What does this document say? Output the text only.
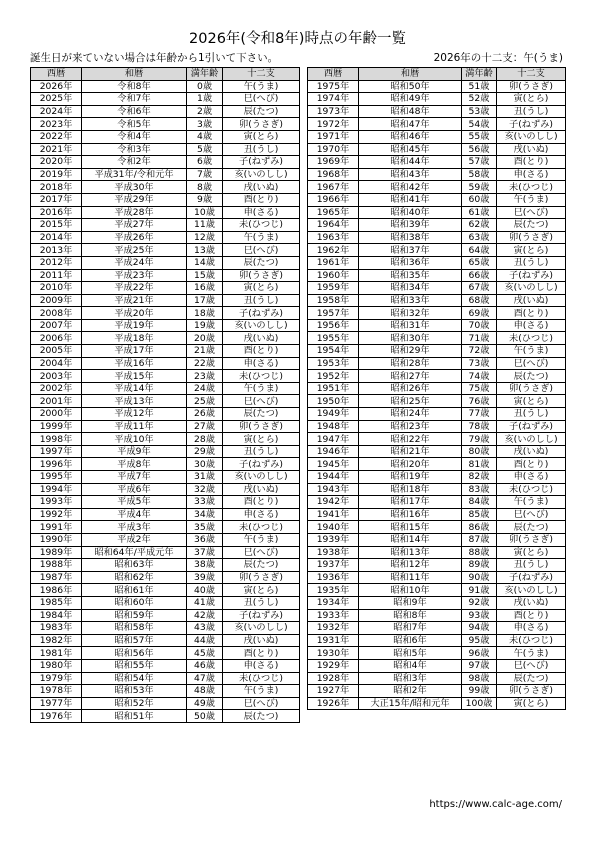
2026年(令和8年)時点の年齢一覧
誕生日が来ていない場合は年齢から1引いて下さい。	2026年の十二支：午(うま)
西暦	和暦	満年齢	十二支
2026年	令和8年	0歳	午(うま)
2025年	令和7年	1歳	巳(へび)
2024年	令和6年	2歳	辰(たつ)
2023年	令和5年	3歳	卯(うさぎ)
2022年	令和4年	4歳	寅(とら)
2021年	令和3年	5歳	丑(うし)
2020年	令和2年	6歳	子(ねずみ)
2019年	平成31年/令和元年	7歳	亥(いのしし)
2018年	平成30年	8歳	戌(いぬ)
2017年	平成29年	9歳	酉(とり)
2016年	平成28年	10歳	申(さる)
2015年	平成27年	11歳	未(ひつじ)
2014年	平成26年	12歳	午(うま)
2013年	平成25年	13歳	巳(へび)
2012年	平成24年	14歳	辰(たつ)
2011年	平成23年	15歳	卯(うさぎ)
2010年	平成22年	16歳	寅(とら)
2009年	平成21年	17歳	丑(うし)
2008年	平成20年	18歳	子(ねずみ)
2007年	平成19年	19歳	亥(いのしし)
2006年	平成18年	20歳	戌(いぬ)
2005年	平成17年	21歳	酉(とり)
2004年	平成16年	22歳	申(さる)
2003年	平成15年	23歳	未(ひつじ)
2002年	平成14年	24歳	午(うま)
2001年	平成13年	25歳	巳(へび)
2000年	平成12年	26歳	辰(たつ)
1999年	平成11年	27歳	卯(うさぎ)
1998年	平成10年	28歳	寅(とら)
1997年	平成9年	29歳	丑(うし)
1996年	平成8年	30歳	子(ねずみ)
1995年	平成7年	31歳	亥(いのしし)
1994年	平成6年	32歳	戌(いぬ)
1993年	平成5年	33歳	酉(とり)
1992年	平成4年	34歳	申(さる)
1991年	平成3年	35歳	未(ひつじ)
1990年	平成2年	36歳	午(うま)
1989年	昭和64年/平成元年	37歳	巳(へび)
1988年	昭和63年	38歳	辰(たつ)
1987年	昭和62年	39歳	卯(うさぎ)
1986年	昭和61年	40歳	寅(とら)
1985年	昭和60年	41歳	丑(うし)
1984年	昭和59年	42歳	子(ねずみ)
1983年	昭和58年	43歳	亥(いのしし)
1982年	昭和57年	44歳	戌(いぬ)
1981年	昭和56年	45歳	酉(とり)
1980年	昭和55年	46歳	申(さる)
1979年	昭和54年	47歳	未(ひつじ)
1978年	昭和53年	48歳	午(うま)
1977年	昭和52年	49歳	巳(へび)
1976年	昭和51年	50歳	辰(たつ)
西暦	和暦	満年齢	十二支
1975年	昭和50年	51歳	卯(うさぎ)
1974年	昭和49年	52歳	寅(とら)
1973年	昭和48年	53歳	丑(うし)
1972年	昭和47年	54歳	子(ねずみ)
1971年	昭和46年	55歳	亥(いのしし)
1970年	昭和45年	56歳	戌(いぬ)
1969年	昭和44年	57歳	酉(とり)
1968年	昭和43年	58歳	申(さる)
1967年	昭和42年	59歳	未(ひつじ)
1966年	昭和41年	60歳	午(うま)
1965年	昭和40年	61歳	巳(へび)
1964年	昭和39年	62歳	辰(たつ)
1963年	昭和38年	63歳	卯(うさぎ)
1962年	昭和37年	64歳	寅(とら)
1961年	昭和36年	65歳	丑(うし)
1960年	昭和35年	66歳	子(ねずみ)
1959年	昭和34年	67歳	亥(いのしし)
1958年	昭和33年	68歳	戌(いぬ)
1957年	昭和32年	69歳	酉(とり)
1956年	昭和31年	70歳	申(さる)
1955年	昭和30年	71歳	未(ひつじ)
1954年	昭和29年	72歳	午(うま)
1953年	昭和28年	73歳	巳(へび)
1952年	昭和27年	74歳	辰(たつ)
1951年	昭和26年	75歳	卯(うさぎ)
1950年	昭和25年	76歳	寅(とら)
1949年	昭和24年	77歳	丑(うし)
1948年	昭和23年	78歳	子(ねずみ)
1947年	昭和22年	79歳	亥(いのしし)
1946年	昭和21年	80歳	戌(いぬ)
1945年	昭和20年	81歳	酉(とり)
1944年	昭和19年	82歳	申(さる)
1943年	昭和18年	83歳	未(ひつじ)
1942年	昭和17年	84歳	午(うま)
1941年	昭和16年	85歳	巳(へび)
1940年	昭和15年	86歳	辰(たつ)
1939年	昭和14年	87歳	卯(うさぎ)
1938年	昭和13年	88歳	寅(とら)
1937年	昭和12年	89歳	丑(うし)
1936年	昭和11年	90歳	子(ねずみ)
1935年	昭和10年	91歳	亥(いのしし)
1934年	昭和9年	92歳	戌(いぬ)
1933年	昭和8年	93歳	酉(とり)
1932年	昭和7年	94歳	申(さる)
1931年	昭和6年	95歳	未(ひつじ)
1930年	昭和5年	96歳	午(うま)
1929年	昭和4年	97歳	巳(へび)
1928年	昭和3年	98歳	辰(たつ)
1927年	昭和2年	99歳	卯(うさぎ)
1926年	大正15年/昭和元年	100歳	寅(とら)
https://www.calc-age.com/
